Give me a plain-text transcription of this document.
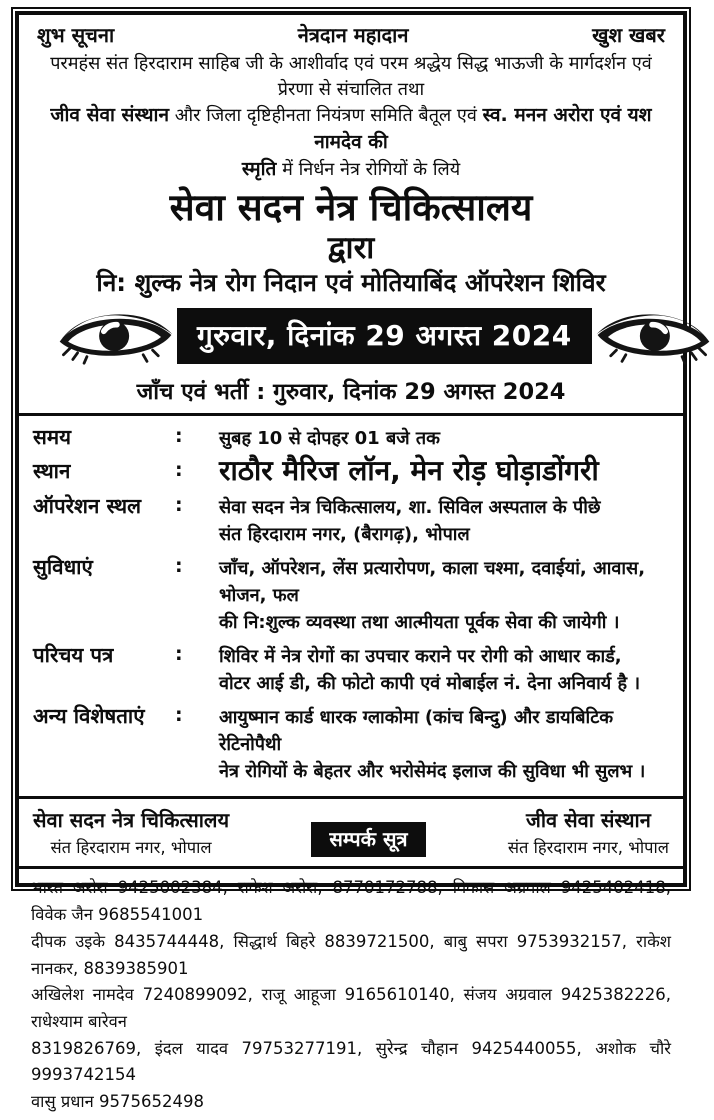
शुभ सूचना	नेत्रदान महादान	खुश खबर
परमहंस संत हिरदाराम साहिब जी के आशीर्वाद एवं परम श्रद्धेय सिद्ध भाऊजी के मार्गदर्शन एवं प्रेरणा से संचालित तथा
जीव सेवा संस्थान और जिला दृष्टिहीनता नियंत्रण समिति बैतूल एवं स्व. मनन अरोरा एवं यश नामदेव की
स्मृति में निर्धन नेत्र रोगियों के लिये
सेवा सदन नेत्र चिकित्सालय
द्वारा
नि: शुल्क नेत्र रोग निदान एवं मोतियाबिंद ऑपरेशन शिविर
गुरुवार, दिनांक 29 अगस्त 2024
जाँच एवं भर्ती : गुरुवार, दिनांक 29 अगस्त 2024
समय	:	सुबह 10 से दोपहर 01 बजे तक
स्थान	:	राठौर मैरिज लॉन, मेन रोड़ घोड़ाडोंगरी
ऑपरेशन स्थल	:	सेवा सदन नेत्र चिकित्सालय, शा. सिविल अस्पताल के पीछे
संत हिरदाराम नगर, (बैरागढ़), भोपाल
सुविधाएं	:	जाँच, ऑपरेशन, लेंस प्रत्यारोपण, काला चश्मा, दवाईयां, आवास, भोजन, फल
की नि:शुल्क व्यवस्था तथा आत्मीयता पूर्वक सेवा की जायेगी ।
परिचय पत्र	:	शिविर में नेत्र रोगों का उपचार कराने पर रोगी को आधार कार्ड,
वोटर आई डी, की फोटो कापी एवं मोबाईल नं. देना अनिवार्य है ।
अन्य विशेषताएं	:	आयुष्मान कार्ड धारक ग्लाकोमा (कांच बिन्दु) और डायबिटिक रेटिनोपैथी
नेत्र रोगियों के बेहतर और भरोसेमंद इलाज की सुविधा भी सुलभ ।
सेवा सदन नेत्र चिकित्सालय
संत हिरदाराम नगर, भोपाल	सम्पर्क सूत्र
जीव सेवा संस्थान
संत हिरदाराम नगर, भोपाल
भारत अरोरा 9425002384, राकेश अरोरा, 8770172788, विकास अग्रवाल 9425402418, विवेक जैन 9685541001
दीपक उइके 8435744448, सिद्धार्थ बिहरे 8839721500, बाबु सपरा 9753932157, राकेश नानकर, 8839385901
अखिलेश नामदेव 7240899092, राजू आहूजा 9165610140, संजय अग्रवाल 9425382226, राधेश्याम बारेवन
8319826769, इंदल यादव 79753277191, सुरेन्द्र चौहान 9425440055, अशोक चौरे 9993742154
वासु प्रधान 9575652498
